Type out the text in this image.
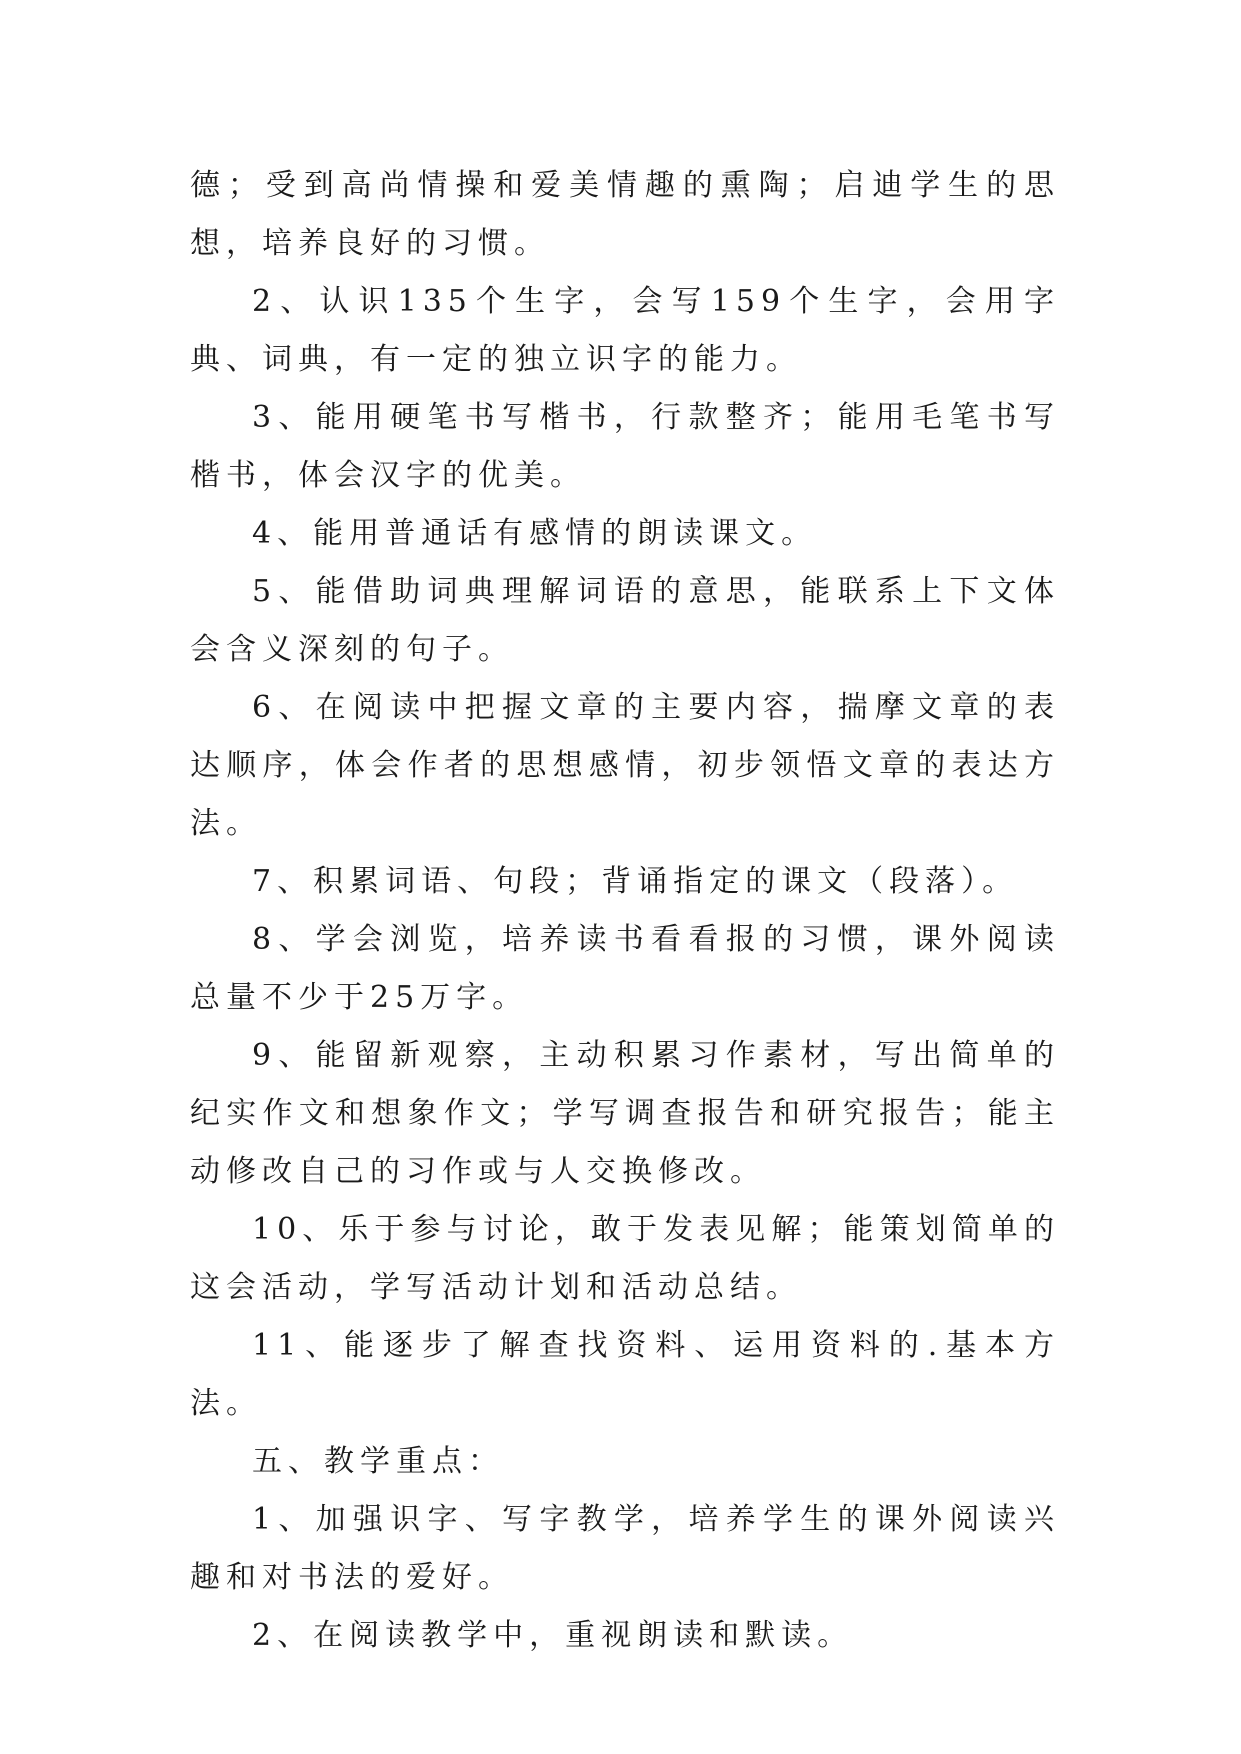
德；受到高尚情操和爱美情趣的熏陶；启迪学生的思想，培养良好的习惯。

2、认识135个生字，会写159个生字，会用字典、词典，有一定的独立识字的能力。

3、能用硬笔书写楷书，行款整齐；能用毛笔书写楷书，体会汉字的优美。

4、能用普通话有感情的朗读课文。

5、能借助词典理解词语的意思，能联系上下文体会含义深刻的句子。

6、在阅读中把握文章的主要内容，揣摩文章的表达顺序，体会作者的思想感情，初步领悟文章的表达方法。

7、积累词语、句段；背诵指定的课文（段落）。

8、学会浏览，培养读书看看报的习惯，课外阅读总量不少于25万字。

9、能留新观察，主动积累习作素材，写出简单的纪实作文和想象作文；学写调查报告和研究报告；能主动修改自己的习作或与人交换修改。

10、乐于参与讨论，敢于发表见解；能策划简单的这会活动，学写活动计划和活动总结。

11、能逐步了解查找资料、运用资料的.基本方法。

五、教学重点：

1、加强识字、写字教学，培养学生的课外阅读兴趣和对书法的爱好。

2、在阅读教学中，重视朗读和默读。
